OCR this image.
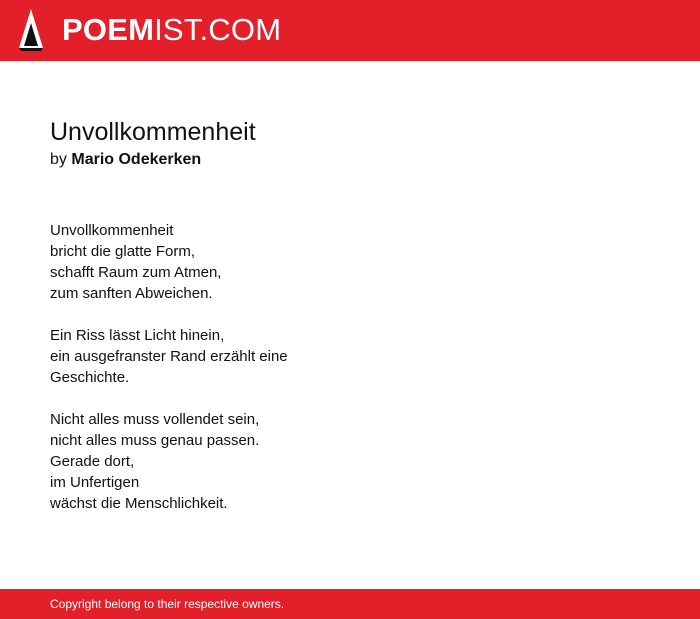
POEMIST.COM
Unvollkommenheit
by Mario Odekerken
Unvollkommenheit
bricht die glatte Form,
schafft Raum zum Atmen,
zum sanften Abweichen.
Ein Riss lässt Licht hinein,
ein ausgefranster Rand erzählt eine
Geschichte.
Nicht alles muss vollendet sein,
nicht alles muss genau passen.
Gerade dort,
im Unfertigen
wächst die Menschlichkeit.
Copyright belong to their respective owners.
